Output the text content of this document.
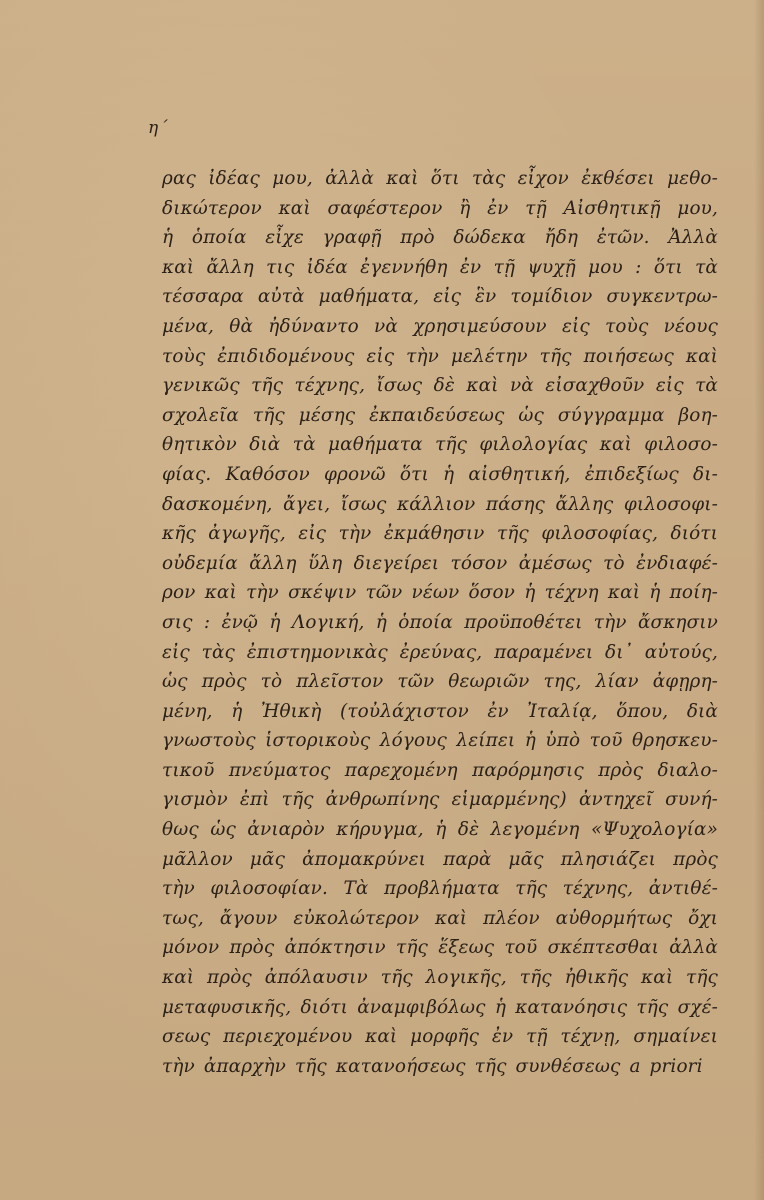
η΄
ρας ἰδέας μου, ἀλλὰ καὶ ὅτι τὰς εἶχον ἐκθέσει μεθο-
δικώτερον καὶ σαφέστερον ἢ ἐν τῇ Αἰσθητικῇ μου,
ἡ ὁποία εἶχε γραφῇ πρὸ δώδεκα ἤδη ἐτῶν. Ἀλλὰ
καὶ ἄλλη τις ἰδέα ἐγεννήθη ἐν τῇ ψυχῇ μου : ὅτι τὰ
τέσσαρα αὐτὰ μαθήματα, εἰς ἓν τομίδιον συγκεντρω-
μένα, θὰ ἠδύναντο νὰ χρησιμεύσουν εἰς τοὺς νέους
τοὺς ἐπιδιδομένους εἰς τὴν μελέτην τῆς ποιήσεως καὶ
γενικῶς τῆς τέχνης, ἴσως δὲ καὶ νὰ εἰσαχθοῦν εἰς τὰ
σχολεῖα τῆς μέσης ἐκπαιδεύσεως ὡς σύγγραμμα βοη-
θητικὸν διὰ τὰ μαθήματα τῆς φιλολογίας καὶ φιλοσο-
φίας. Καθόσον φρονῶ ὅτι ἡ αἰσθητική, ἐπιδεξίως δι-
δασκομένη, ἄγει, ἴσως κάλλιον πάσης ἄλλης φιλοσοφι-
κῆς ἀγωγῆς, εἰς τὴν ἐκμάθησιν τῆς φιλοσοφίας, διότι
οὐδεμία ἄλλη ὕλη διεγείρει τόσον ἀμέσως τὸ ἐνδιαφέ-
ρον καὶ τὴν σκέψιν τῶν νέων ὅσον ἡ τέχνη καὶ ἡ ποίη-
σις : ἐνῷ ἡ Λογική, ἡ ὁποία προϋποθέτει τὴν ἄσκησιν
εἰς τὰς ἐπιστημονικὰς ἐρεύνας, παραμένει δι᾽ αὐτούς,
ὡς πρὸς τὸ πλεῖστον τῶν θεωριῶν της, λίαν ἀφῃρη-
μένη, ἡ Ἠθικὴ (τοὐλάχιστον ἐν Ἰταλίᾳ, ὅπου, διὰ
γνωστοὺς ἱστορικοὺς λόγους λείπει ἡ ὑπὸ τοῦ θρησκευ-
τικοῦ πνεύματος παρεχομένη παρόρμησις πρὸς διαλο-
γισμὸν ἐπὶ τῆς ἀνθρωπίνης εἱμαρμένης) ἀντηχεῖ συνή-
θως ὡς ἀνιαρὸν κήρυγμα, ἡ δὲ λεγομένη «Ψυχολογία»
μᾶλλον μᾶς ἀπομακρύνει παρὰ μᾶς πλησιάζει πρὸς
τὴν φιλοσοφίαν. Τὰ προβλήματα τῆς τέχνης, ἀντιθέ-
τως, ἄγουν εὐκολώτερον καὶ πλέον αὐθορμήτως ὄχι
μόνον πρὸς ἀπόκτησιν τῆς ἕξεως τοῦ σκέπτεσθαι ἀλλὰ
καὶ πρὸς ἀπόλαυσιν τῆς λογικῆς, τῆς ἠθικῆς καὶ τῆς
μεταφυσικῆς, διότι ἀναμφιβόλως ἡ κατανόησις τῆς σχέ-
σεως περιεχομένου καὶ μορφῆς ἐν τῇ τέχνῃ, σημαίνει
τὴν ἀπαρχὴν τῆς κατανοήσεως τῆς συνθέσεως a priori
